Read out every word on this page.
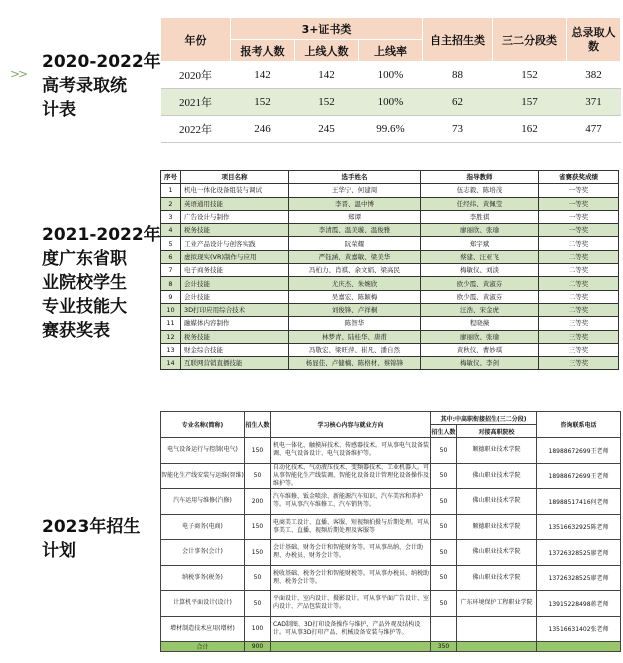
>>
2020-2022年
高考录取统
计表
2021-2022年
度广东省职
业院校学生
专业技能大
赛获奖表
2023年招生
计划
年份	3+证书类			自主招生类	三二分段类	总录取人数
	报考人数	上线人数	上线率			
2020年	142	142	100%	88	152	382
2021年	152	152	100%	62	157	371
2022年	246	245	99.6%	73	162	477
序号	项目名称	选手姓名	指导教师	省赛获奖成绩
1	机电一体化设备组装与调试	王华宁、何建周	伍志毅、陈培茂	一等奖
2	英语通用技能	李晋、温中博	任经纬、黄佩莹	一等奖
3	广告设计与制作	郑谭	李胜祺	一等奖
4	税务技能	李清霞、温美璇、温俊雅	廖丽欣、张瑜	一等奖
5	工业产品设计与创客实践	阮荣耀	郑宇斌	二等奖
6	虚拟现实(VR)制作与应用	严钰涵、黄嘉敏、梁美华	蔡建、汪亚飞	二等奖
7	电子商务技能	冯柏力、肖祺、余文娟、梁高民	梅敏仪、刘淡	二等奖
8	会计技能	尤庆杰、朱婉欣	欧少霞、黄淑芬	二等奖
9	会计技能	吴嘉宏、陈颖梅	欧少霞、黄淑芬	二等奖
10	3D打印应用综合技术	刘俊锋、卢祥桐	汪浩、宋金虎	二等奖
11	融媒体内容制作	陈智华	程晓薇	三等奖
12	税务技能	林梦青、陆桂华、唐甫	廖丽欣、张瑜	三等奖
13	财金综合技能	冯敬宏、梁旺萍、崔凡、潘自然	黄秋仪、曹妙琪	三等奖
14	互联网营销直播技能	杨显佳、卢健楠、陈格材、蔡锦锋	梅敏仪、李剑	三等奖
专业名称(简称)	招生人数	学习核心内容与就业方向	其中:中高职衔接招生(三二分段)		咨询联系电话
			招生人数	对接高职院校	
电气设备运行与控制(电气)	150	机电一体化、触摸屏技术、传感器技术。可从事电气设备装调、电气设备设计、电气设备维护等。	50	顺德职业技术学院	18988672699王老师
智能化生产线安装与运维(智维)	50	自动化技术、气动液压技术、变频器技术、工业机器人。可从事智能化生产线装调、智能化设备设计管理化设备操作及维护等。	50	佛山职业技术学院	18988672699王老师
汽车运用与维修(汽修)	200	汽车维修、钣金喷涂、新能源汽车知识、汽车美容和养护等。可从事汽车维修工、汽车销售等。	50	佛山职业技术学院	18988517416何老师
电子商务(电商)	150	电商美工设计、直播、客服、短视频拍摄与后期处理。可从事美工、直播、视频后期处理及客服等	50	顺德职业技术学院	13516632925陈老师
会计事务(会计)	150	会计基础、财务会计和智能财务等。可从事出纳、会计助理、办税员、财务会计等。	50	佛山职业技术学院	13726328525廖老师
纳税事务(税务)	50	税收基础、税务会计和智能财税等。可从事办税员、纳税助理、税务会计等。	50	佛山职业技术学院	13726328525廖老师
计算机平面设计(设计)	50	平面设计、室内设计、摄影设计。可从事平面广告设计、室内设计、产品包装设计等。	50	广东环境保护工程职业学院	13915228498蒋老师
增材制造技术应用(增材)	100	CAD制图、3D打印设备操作与维护、产品外观及结构设计。可从事3D打印产品、机械设备安装与维护等。			13516631402张老师
合计	900		350		
